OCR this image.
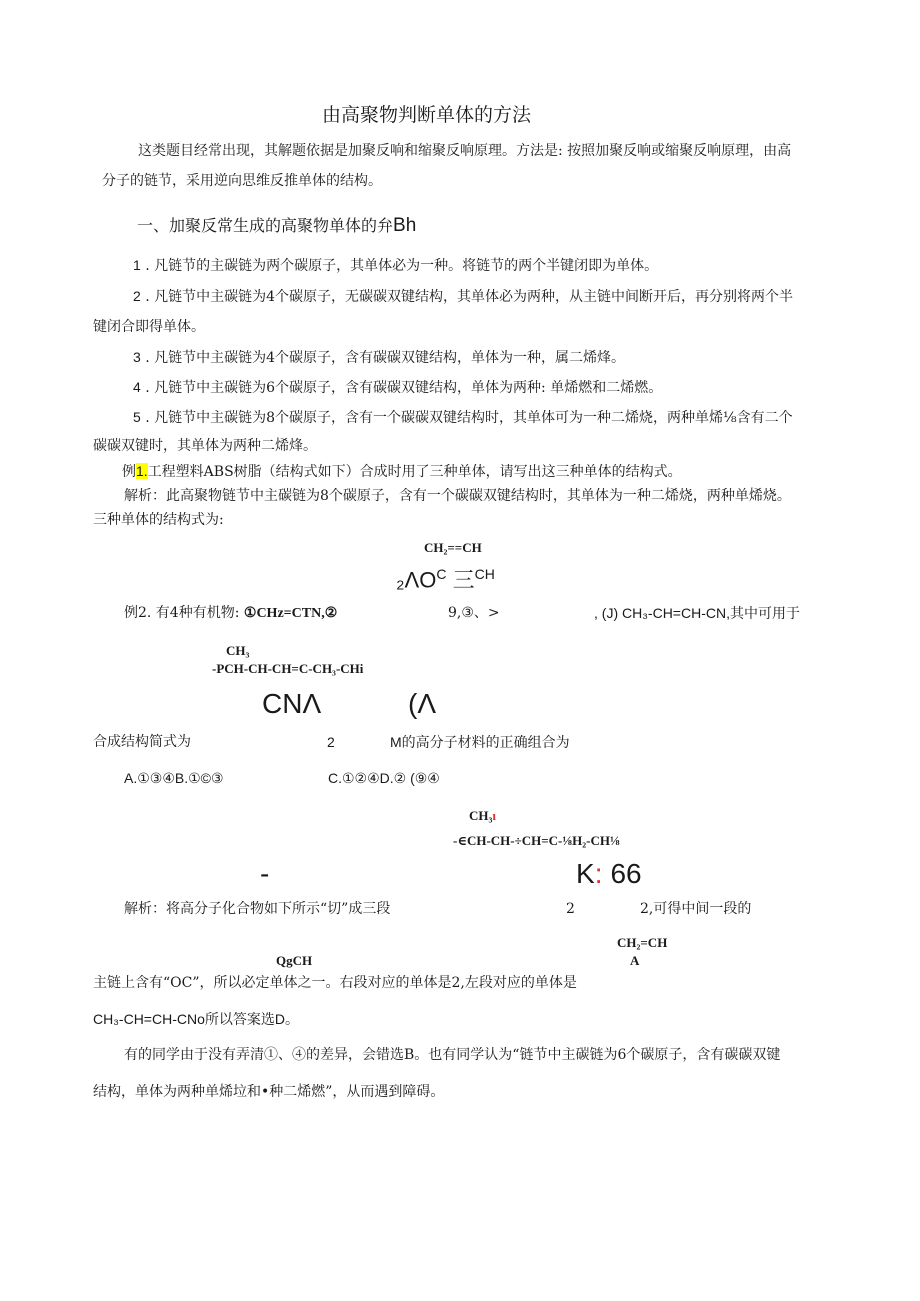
由高聚物判断单体的方法
这类题目经常出现，其解题依据是加聚反响和缩聚反响原理。方法是: 按照加聚反响或缩聚反响原理，由高
分子的链节，采用逆向思维反推单体的结构。
一、加聚反常生成的高聚物单体的弁Bh
1 . 凡链节的主碳链为两个碳原子，其单体必为一种。将链节的两个半键闭即为单体。
2 . 凡链节中主碳链为4个碳原子，无碳碳双键结构，其单体必为两种，从主链中间断开后，再分别将两个半
键闭合即得单体。
3 . 凡链节中主碳链为4个碳原子，含有碳碳双键结构，单体为一种，属二烯烽。
4 . 凡链节中主碳链为6个碳原子，含有碳碳双键结构，单体为两种: 单烯燃和二烯燃。
5 . 凡链节中主碳链为8个碳原子，含有一个碳碳双键结构时，其单体可为一种二烯烧，两种单烯⅛含有二个
碳碳双键时，其单体为两种二烯烽。
例1.工程塑料ABS树脂（结构式如下）合成时用了三种单体，请写出这三种单体的结构式。
解析：此高聚物链节中主碳链为8个碳原子，含有一个碳碳双键结构时，其单体为一种二烯烧，两种单烯烧。
三种单体的结构式为:
CH₂==CH
$_2\Lambda O^C$ 三$^{CH}$
例2. 有4种有机物: ①CHz=CTN,②	9,③、>	, (J) CH₃-CH=CH-CN,其中可用于
CH₃
-PCH-CH-CH=C-CH₃-CHi
CNΛ	(Λ
合成结构简式为	2	M的高分子材料的正确组合为
A.①③④B.①©③	C.①②④D.② (⑨④
CH₃ı
-∈CH-CH-÷CH=C-⅛H₂-CH⅛
-	K: 66
解析：将高分子化合物如下所示“切”成三段	2	2,可得中间一段的
CH₂=CH
QgCH	A
主链上含有“OC”，所以必定单体之一。右段对应的单体是2,左段对应的单体是
CH₃-CH=CH-CNo所以答案选D。
有的同学由于没有弄清①、④的差异，会错选B。也有同学认为“链节中主碳链为6个碳原子，含有碳碳双键
结构，单体为两种单烯垃和•种二烯燃”，从而遇到障碍。
